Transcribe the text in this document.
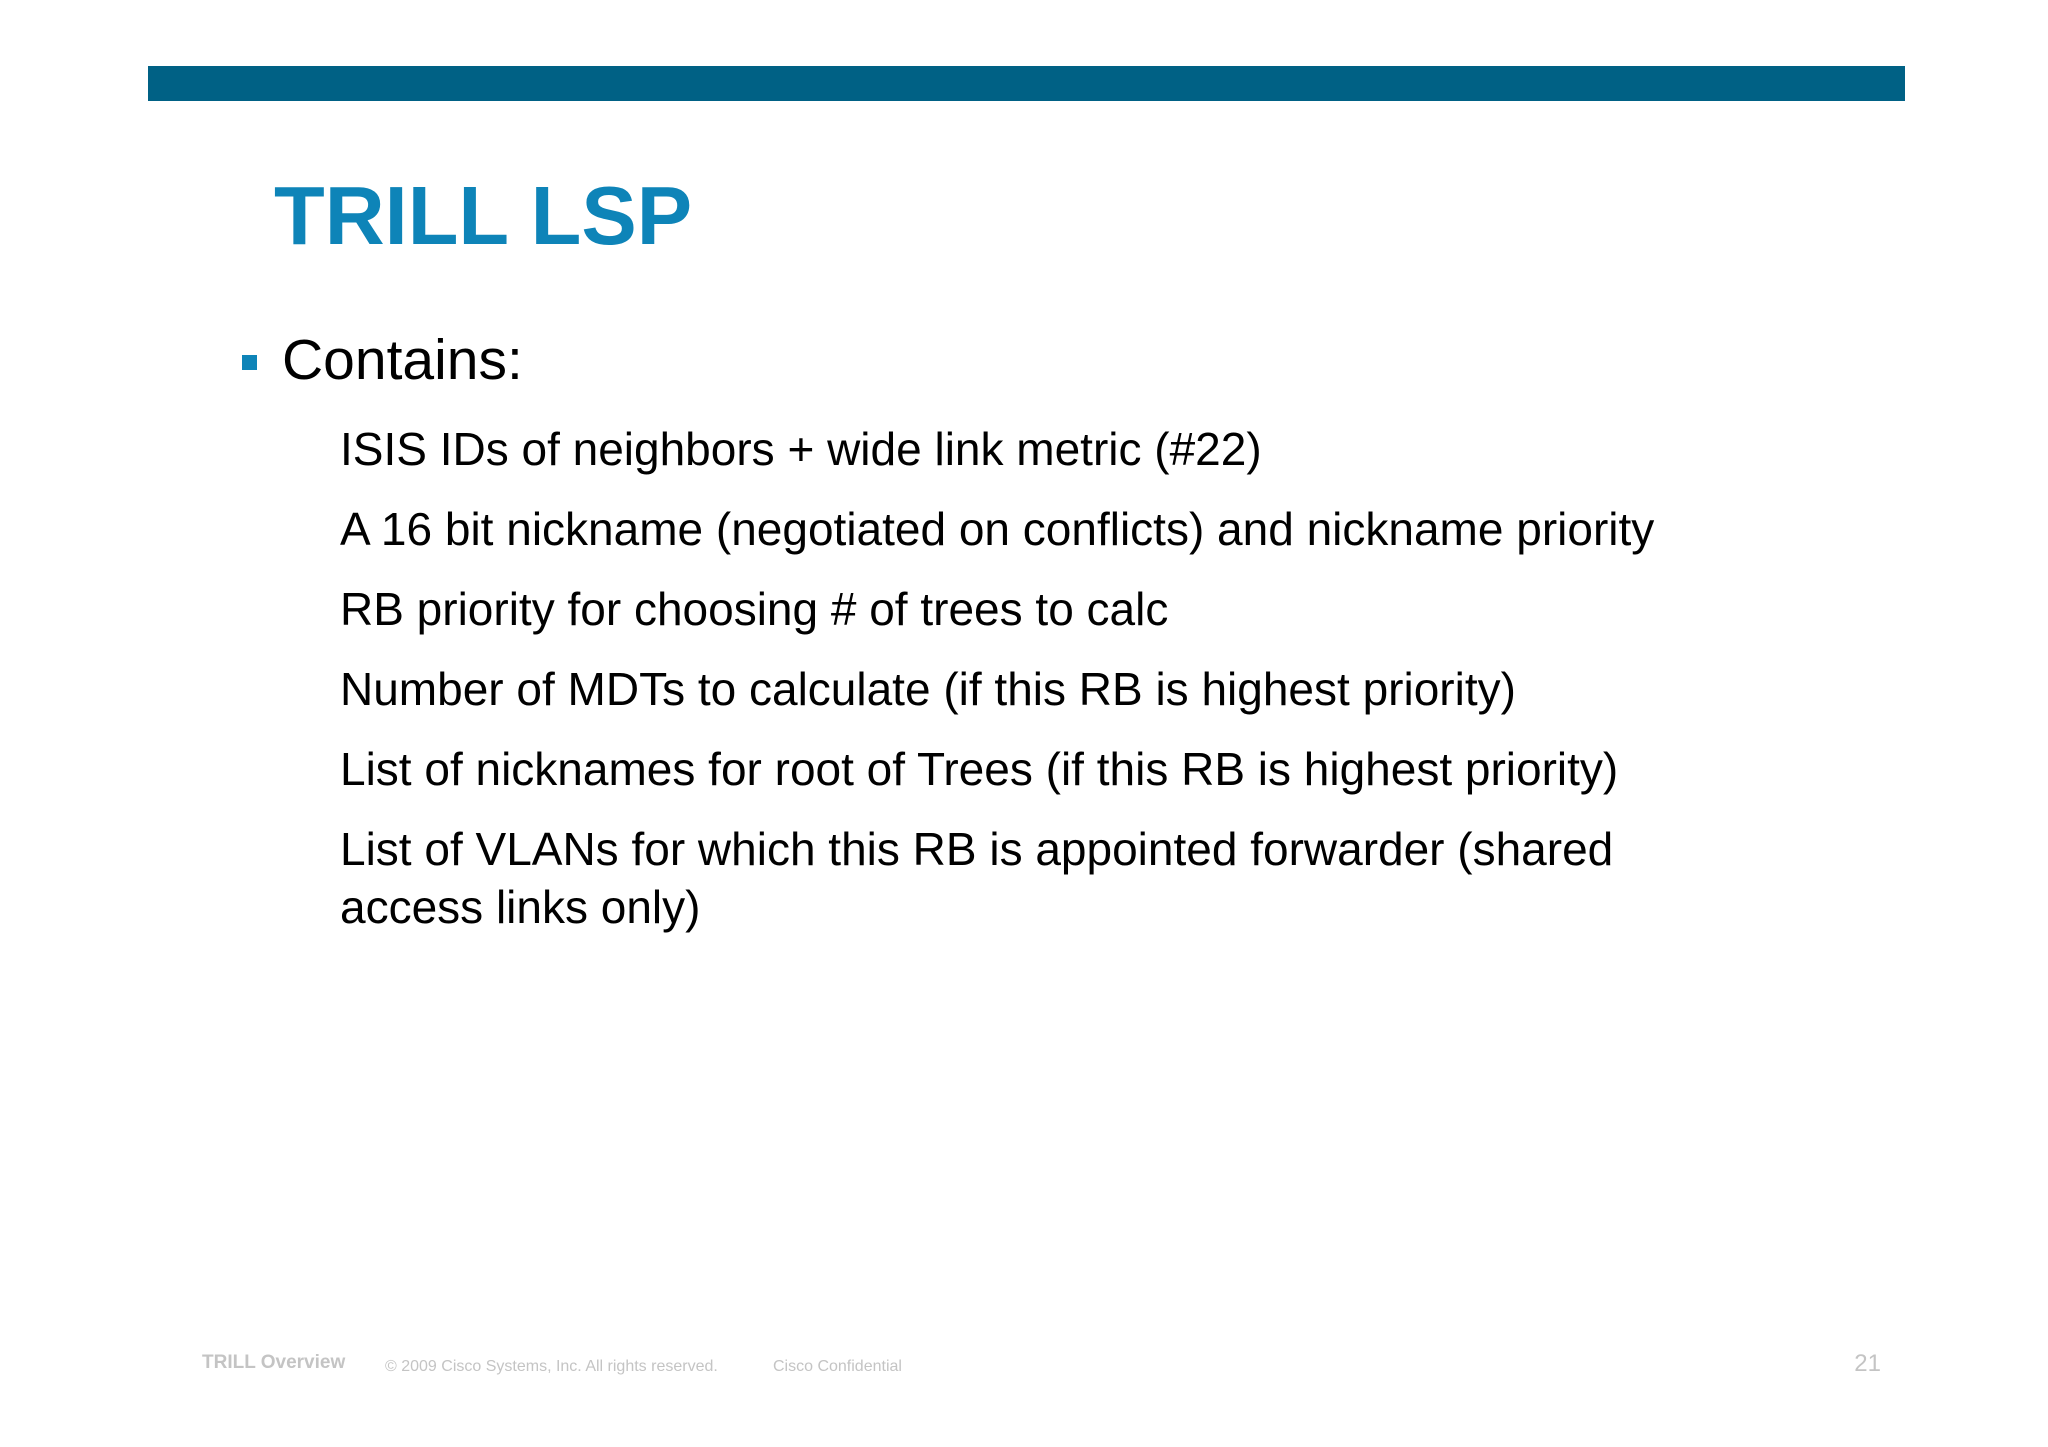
TRILL LSP
Contains:
ISIS IDs of neighbors + wide link metric (#22)
A 16 bit nickname (negotiated on conflicts) and nickname priority
RB priority for choosing # of trees to calc
Number of MDTs to calculate (if this RB is highest priority)
List of nicknames for root of Trees (if this RB is highest priority)
List of VLANs for which this RB is appointed forwarder (shared access links only)
TRILL Overview © 2009 Cisco Systems, Inc. All rights reserved.	Cisco Confidential	21
